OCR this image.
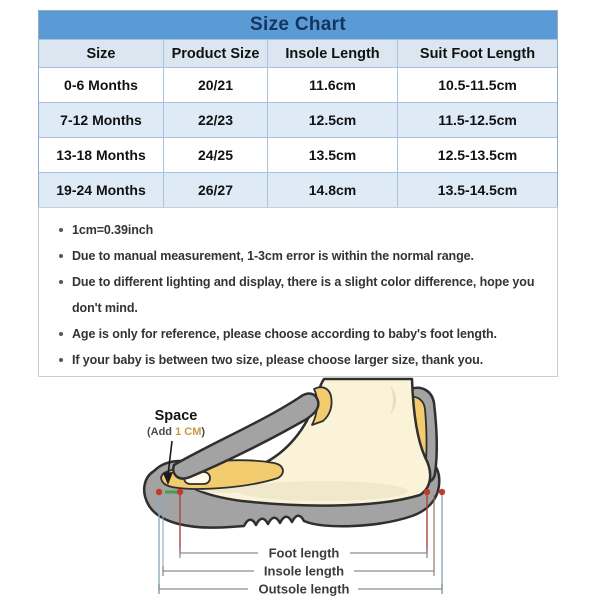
Size Chart
Size	Product Size	Insole Length	Suit Foot Length
0-6 Months	20/21	11.6cm	10.5-11.5cm
7-12 Months	22/23	12.5cm	11.5-12.5cm
13-18 Months	24/25	13.5cm	12.5-13.5cm
19-24 Months	26/27	14.8cm	13.5-14.5cm
1cm=0.39inch
Due to manual measurement, 1-3cm error is within the normal range.
Due to different lighting and display, there is a slight color difference, hope you don't mind.
Age is only for reference, please choose according to baby's foot length.
If your baby is between two size, please choose larger size, thank you.
Space
(Add 1 CM)
Foot length
Insole length
Outsole length
